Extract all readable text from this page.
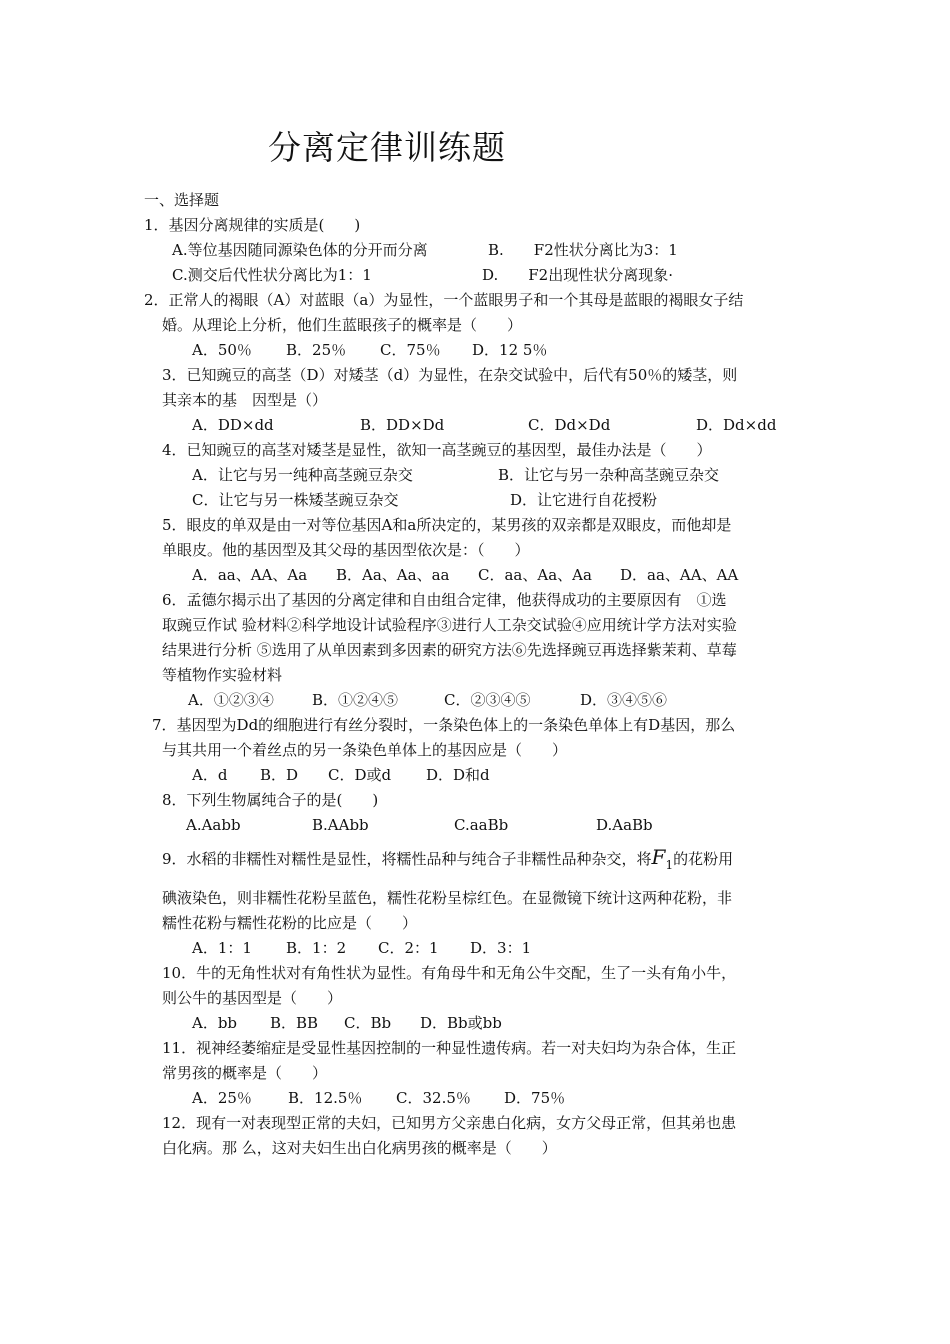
分离定律训练题
一、选择题
1．基因分离规律的实质是(　　)
A.等位基因随同源染色体的分开而分离	B.　　F2性状分离比为3：1
C.测交后代性状分离比为1：1	D.　　F2出现性状分离现象·
2．正常人的褐眼（A）对蓝眼（a）为显性，一个蓝眼男子和一个其母是蓝眼的褐眼女子结
婚。从理论上分析，他们生蓝眼孩子的概率是（　　）
A．50％ B．25％ C．75％ D．12 5％
3．已知豌豆的高茎（D）对矮茎（d）为显性，在杂交试验中，后代有50％的矮茎，则
其亲本的基　因型是（）
A．DD×dd	B．DD×Dd	C．Dd×Dd	D．Dd×dd
4．已知豌豆的高茎对矮茎是显性，欲知一高茎豌豆的基因型，最佳办法是（　　）
A．让它与另一纯种高茎豌豆杂交	B．让它与另一杂种高茎豌豆杂交
C．让它与另一株矮茎豌豆杂交	D．让它进行自花授粉
5．眼皮的单双是由一对等位基因A和a所决定的，某男孩的双亲都是双眼皮，而他却是
单眼皮。他的基因型及其父母的基因型依次是：（　　）
A．aa、AA、Aa B．Aa、Aa、aa C．aa、Aa、Aa D．aa、AA、AA
6．孟德尔揭示出了基因的分离定律和自由组合定律，他获得成功的主要原因有　①选
取豌豆作试 验材料②科学地设计试验程序③进行人工杂交试验④应用统计学方法对实验
结果进行分析 ⑤选用了从单因素到多因素的研究方法⑥先选择豌豆再选择紫茉莉、草莓
等植物作实验材料
A．①②③④	B．①②④⑤	C．②③④⑤	D．③④⑤⑥
7．基因型为Dd的细胞进行有丝分裂时，一条染色体上的一条染色单体上有D基因，那么
与其共用一个着丝点的另一条染色单体上的基因应是（　　）
A．d B．D C．D或d D．D和d
8．下列生物属纯合子的是(　　)
A.Aabb	B.AAbb	C.aaBb	D.AaBb
9．水稻的非糯性对糯性是显性，将糯性品种与纯合子非糯性品种杂交，将$F_1$的花粉用
碘液染色，则非糯性花粉呈蓝色，糯性花粉呈棕红色。在显微镜下统计这两种花粉，非
糯性花粉与糯性花粉的比应是（　　）
A．1：1 B．1：2 C．2：1 D．3：1
10．牛的无角性状对有角性状为显性。有角母牛和无角公牛交配，生了一头有角小牛，
则公牛的基因型是（　　）
A．bb B．BB C．Bb D．Bb或bb
11．视神经萎缩症是受显性基因控制的一种显性遗传病。若一对夫妇均为杂合体，生正
常男孩的概率是（　　）
A．25％ B．12.5％ C．32.5％ D．75％
12．现有一对表现型正常的夫妇，已知男方父亲患白化病，女方父母正常，但其弟也患
白化病。那 么，这对夫妇生出白化病男孩的概率是（　　）
